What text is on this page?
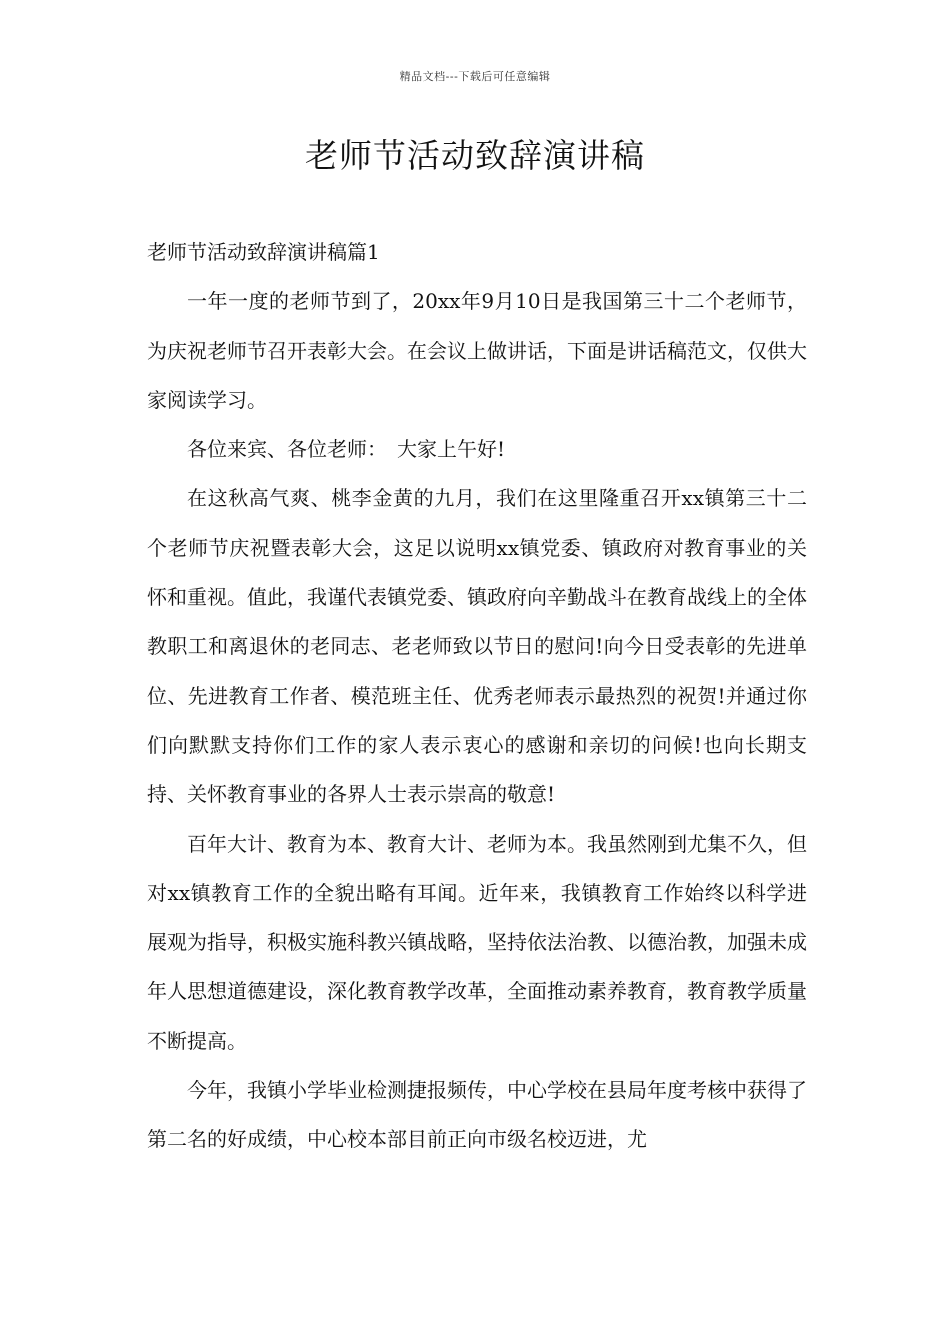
精品文档---下载后可任意编辑
老师节活动致辞演讲稿

老师节活动致辞演讲稿篇1

一年一度的老师节到了，20xx年9月10日是我国第三十二个老师节，为庆祝老师节召开表彰大会。在会议上做讲话，下面是讲话稿范文，仅供大家阅读学习。

各位来宾、各位老师：　大家上午好!

在这秋高气爽、桃李金黄的九月，我们在这里隆重召开xx镇第三十二个老师节庆祝暨表彰大会，这足以说明xx镇党委、镇政府对教育事业的关怀和重视。值此，我谨代表镇党委、镇政府向辛勤战斗在教育战线上的全体教职工和离退休的老同志、老老师致以节日的慰问!向今日受表彰的先进单位、先进教育工作者、模范班主任、优秀老师表示最热烈的祝贺!并通过你们向默默支持你们工作的家人表示衷心的感谢和亲切的问候!也向长期支持、关怀教育事业的各界人士表示崇高的敬意!

百年大计、教育为本、教育大计、老师为本。我虽然刚到尤集不久，但对xx镇教育工作的全貌出略有耳闻。近年来，我镇教育工作始终以科学进展观为指导，积极实施科教兴镇战略，坚持依法治教、以德治教，加强未成年人思想道德建设，深化教育教学改革，全面推动素养教育，教育教学质量不断提高。

今年，我镇小学毕业检测捷报频传，中心学校在县局年度考核中获得了第二名的好成绩，中心校本部目前正向市级名校迈进，尤
